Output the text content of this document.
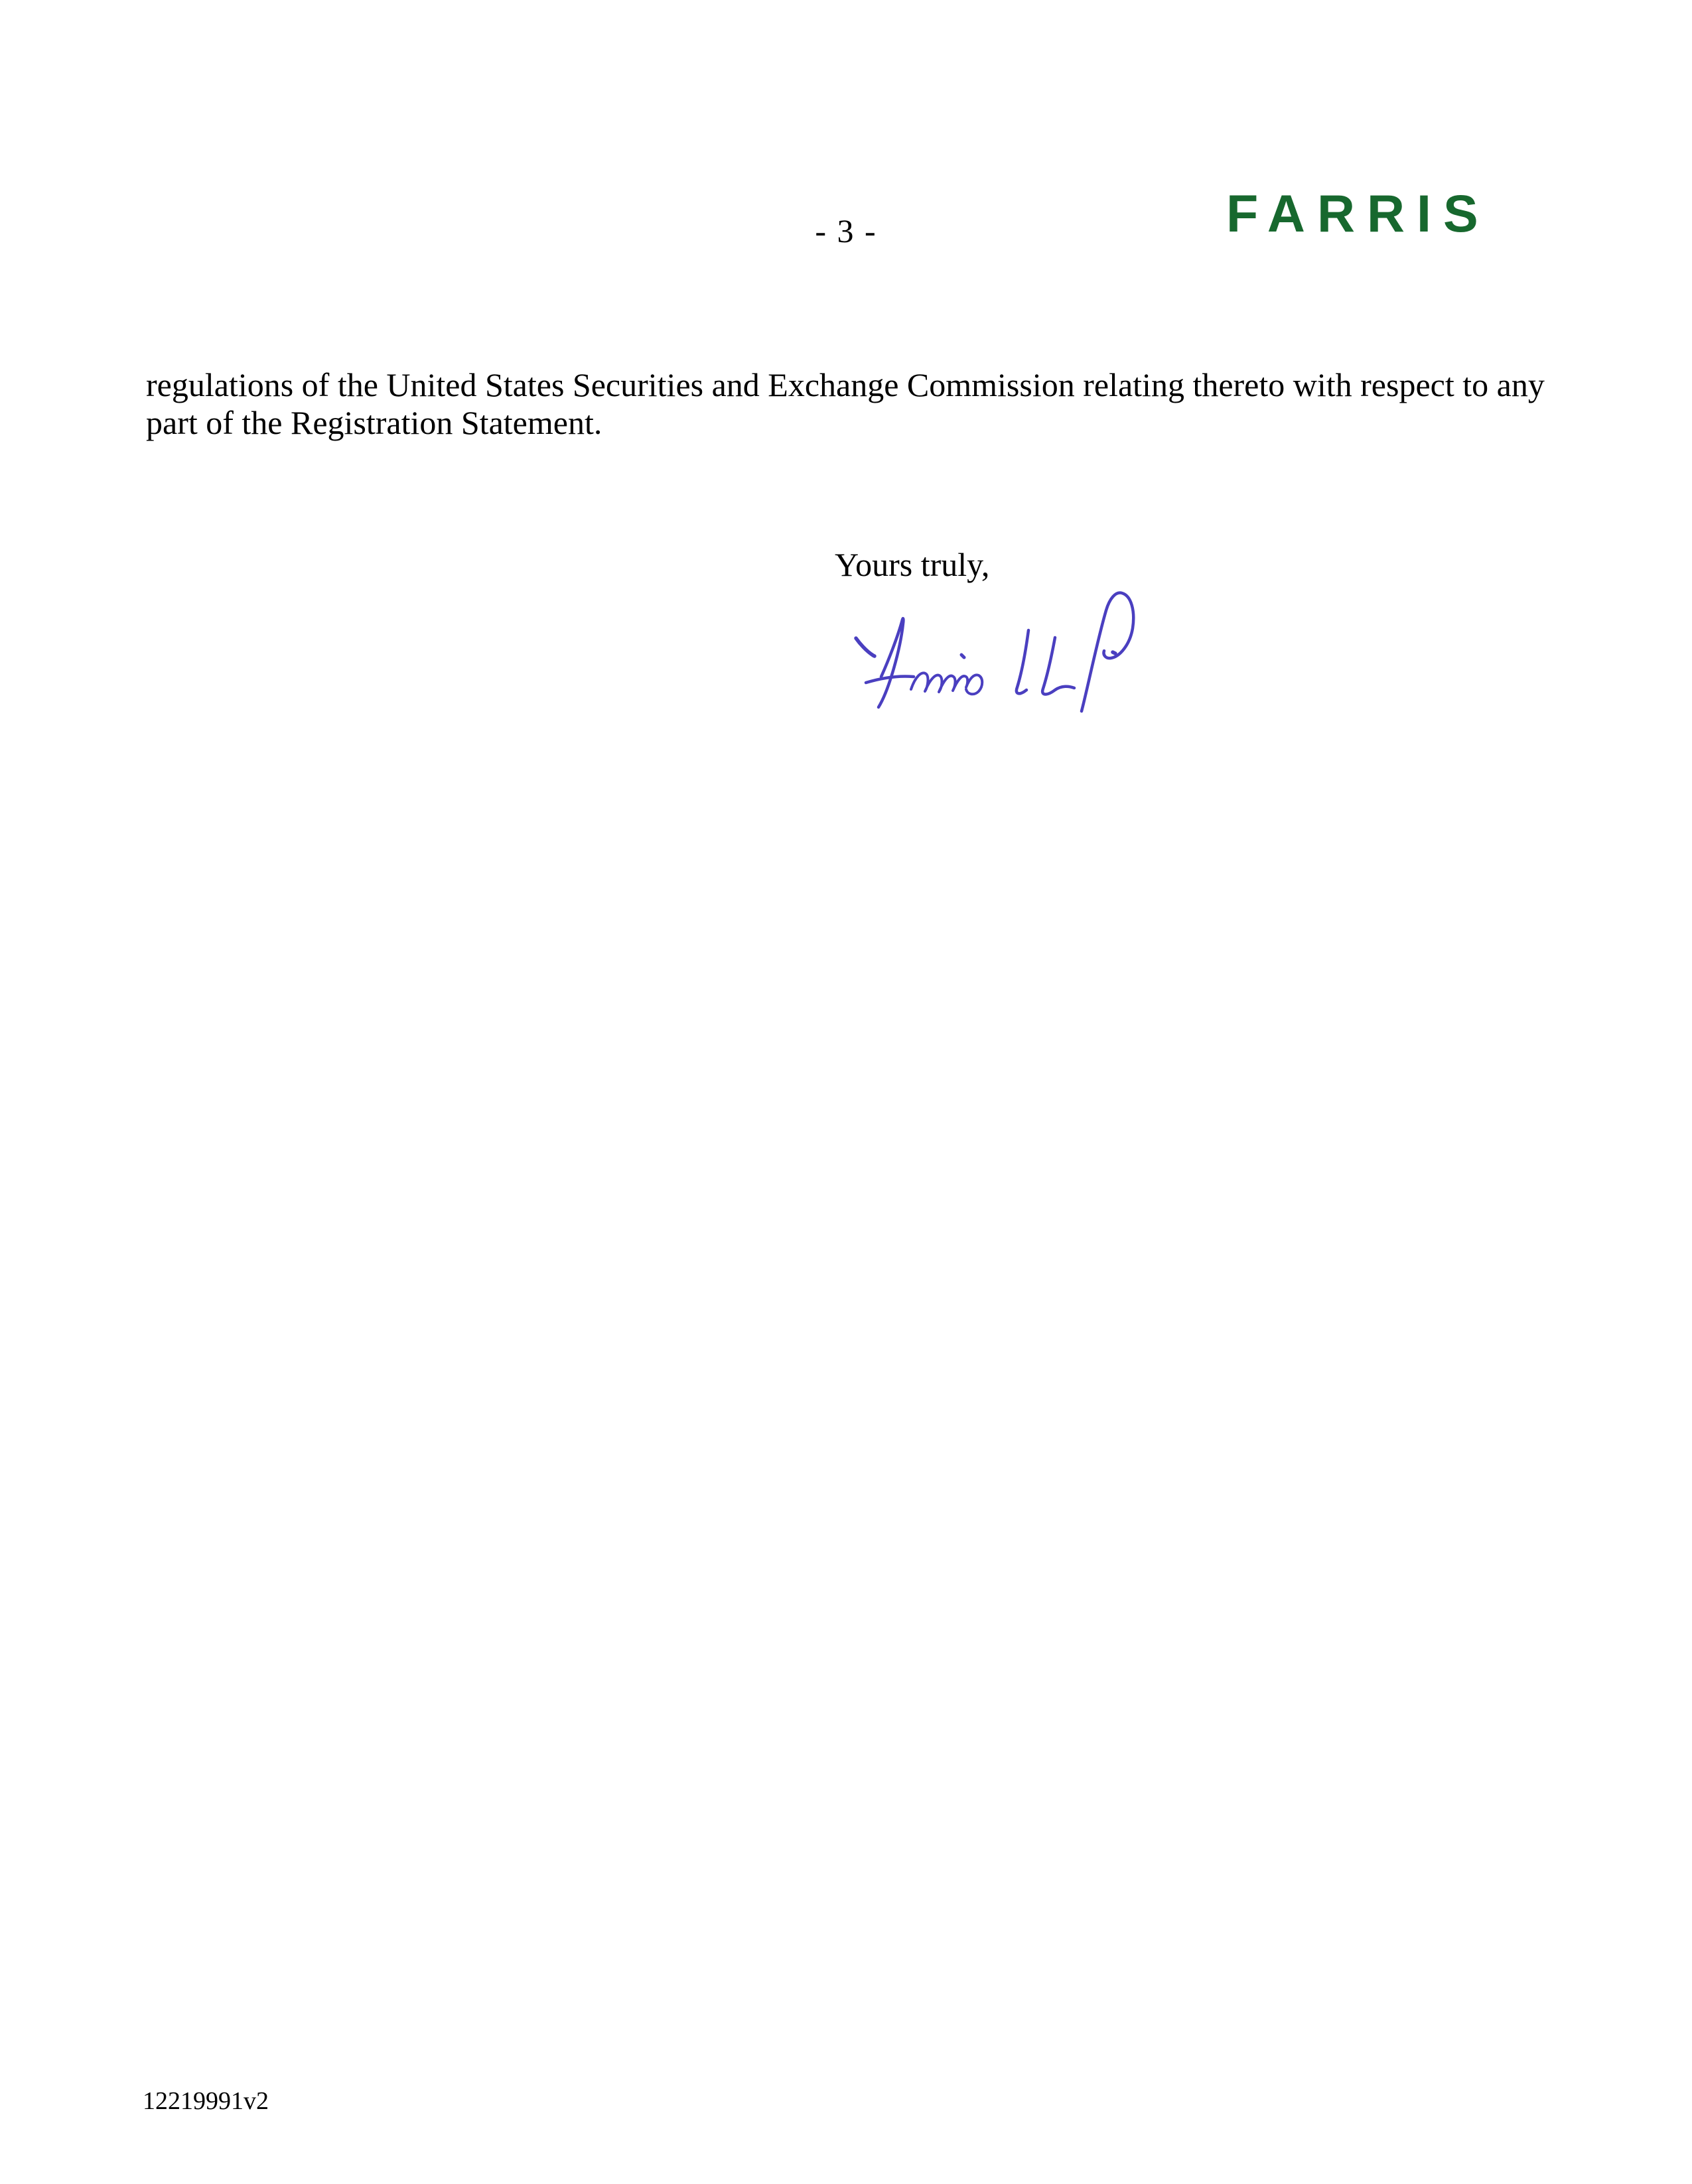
- 3 -	FARRIS
regulations of the United States Securities and Exchange Commission relating thereto with respect to any
part of the Registration Statement.
Yours truly,
12219991v2
